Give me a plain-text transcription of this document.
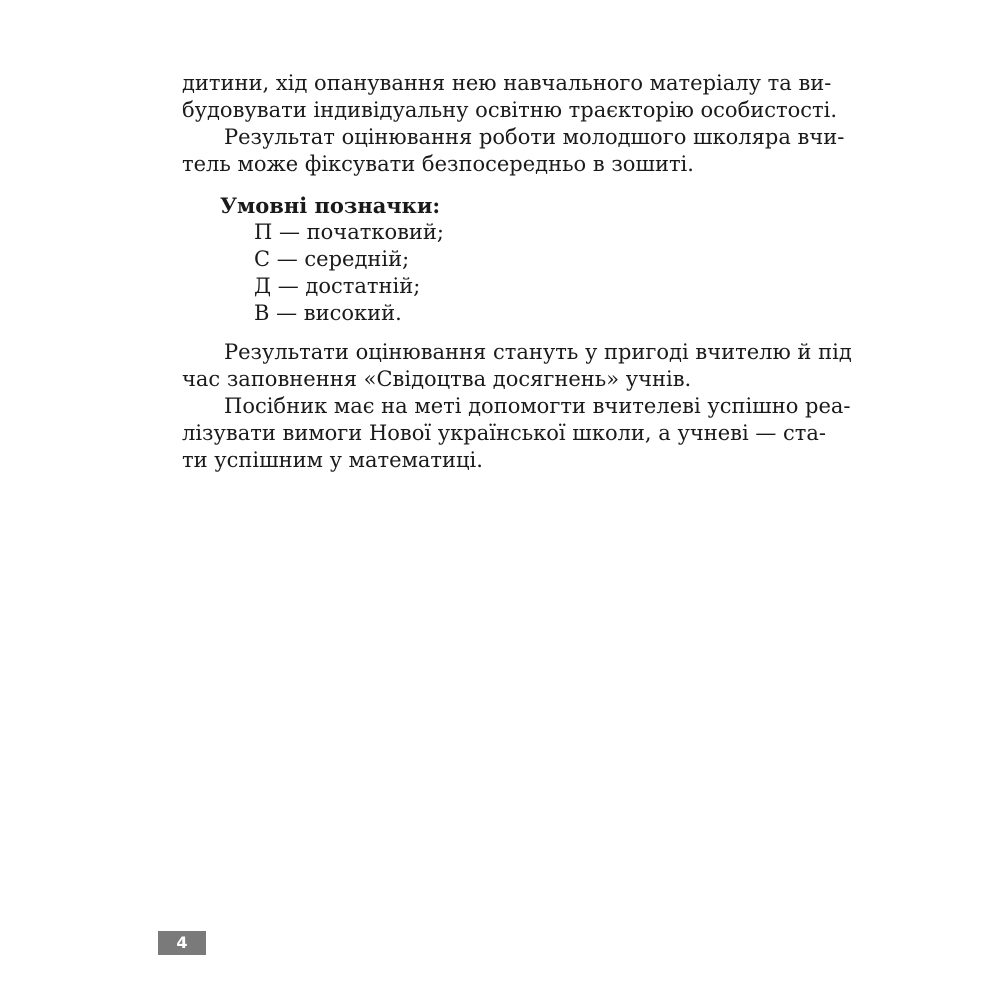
дитини, хід опанування нею навчального матеріалу та ви-
будовувати індивідуальну освітню траєкторію особистості.
Результат оцінювання роботи молодшого школяра вчи-
тель може фіксувати безпосередньо в зошиті.
Умовні позначки:
П — початковий;
С — середній;
Д — достатній;
В — високий.
Результати оцінювання стануть у пригоді вчителю й під
час заповнення «Свідоцтва досягнень» учнів.
Посібник має на меті допомогти вчителеві успішно реа-
лізувати вимоги Нової української школи, а учневі — ста-
ти успішним у математиці.
4
